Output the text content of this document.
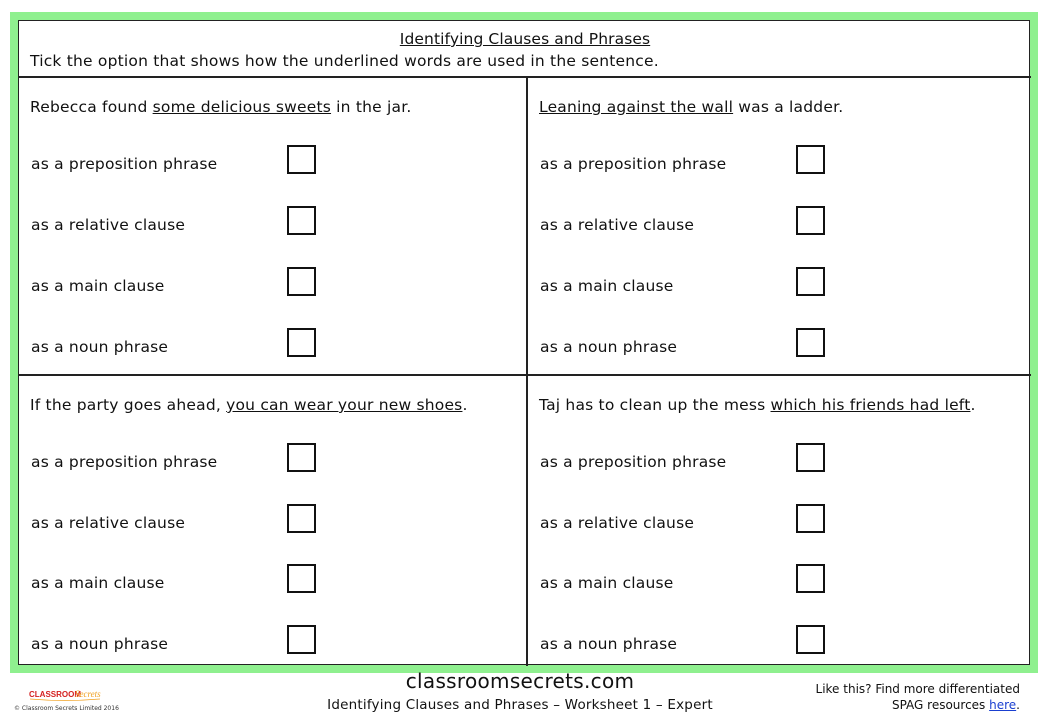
Identifying Clauses and Phrases
Tick the option that shows how the underlined words are used in the sentence.
Rebecca found some delicious sweets in the jar.
as a preposition phrase
as a relative clause
as a main clause
as a noun phrase
Leaning against the wall was a ladder.
as a preposition phrase
as a relative clause
as a main clause
as a noun phrase
If the party goes ahead, you can wear your new shoes.
as a preposition phrase
as a relative clause
as a main clause
as a noun phrase
Taj has to clean up the mess which his friends had left.
as a preposition phrase
as a relative clause
as a main clause
as a noun phrase
CLASSROOM
Secrets
© Classroom Secrets Limited 2016
classroomsecrets.com
Identifying Clauses and Phrases – Worksheet 1 – Expert
Like this? Find more differentiated
SPAG resources here.
